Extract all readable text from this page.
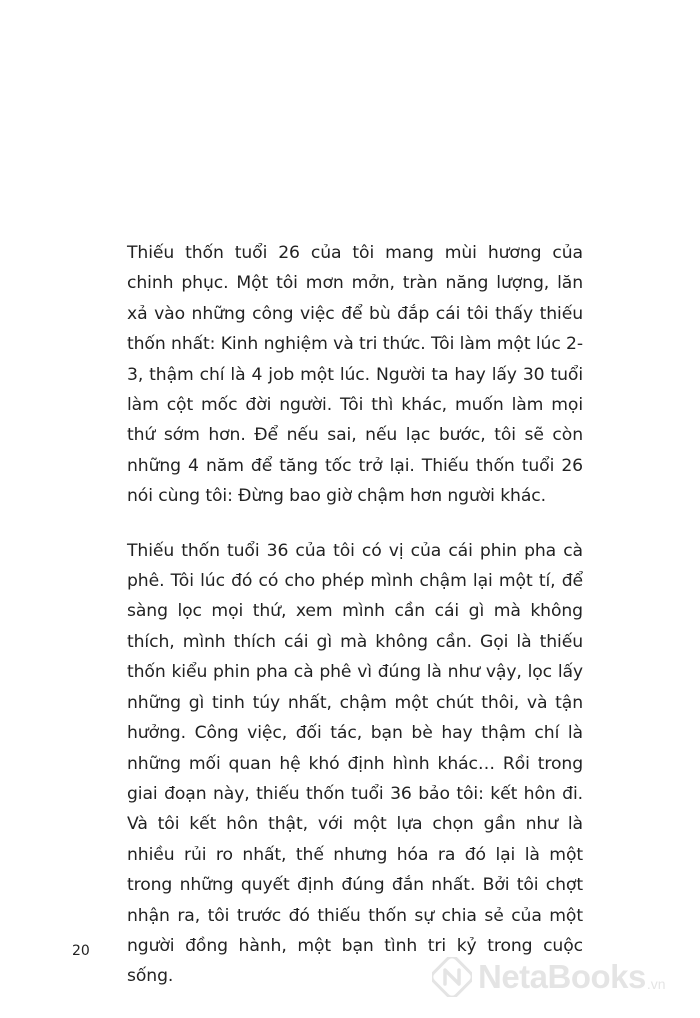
Thiếu thốn tuổi 26 của tôi mang mùi hương của chinh phục. Một tôi mơn mởn, tràn năng lượng, lăn xả vào những công việc để bù đắp cái tôi thấy thiếu thốn nhất: Kinh nghiệm và tri thức. Tôi làm một lúc 2-3, thậm chí là 4 job một lúc. Người ta hay lấy 30 tuổi làm cột mốc đời người. Tôi thì khác, muốn làm mọi thứ sớm hơn. Để nếu sai, nếu lạc bước, tôi sẽ còn những 4 năm để tăng tốc trở lại. Thiếu thốn tuổi 26 nói cùng tôi: Đừng bao giờ chậm hơn người khác.

Thiếu thốn tuổi 36 của tôi có vị của cái phin pha cà phê. Tôi lúc đó có cho phép mình chậm lại một tí, để sàng lọc mọi thứ, xem mình cần cái gì mà không thích, mình thích cái gì mà không cần. Gọi là thiếu thốn kiểu phin pha cà phê vì đúng là như vậy, lọc lấy những gì tinh túy nhất, chậm một chút thôi, và tận hưởng. Công việc, đối tác, bạn bè hay thậm chí là những mối quan hệ khó định hình khác… Rồi trong giai đoạn này, thiếu thốn tuổi 36 bảo tôi: kết hôn đi. Và tôi kết hôn thật, với một lựa chọn gần như là nhiều rủi ro nhất, thế nhưng hóa ra đó lại là một trong những quyết định đúng đắn nhất. Bởi tôi chợt nhận ra, tôi trước đó thiếu thốn sự chia sẻ của một người đồng hành, một bạn tình tri kỷ trong cuộc sống.

20
NetaBooks .vn
